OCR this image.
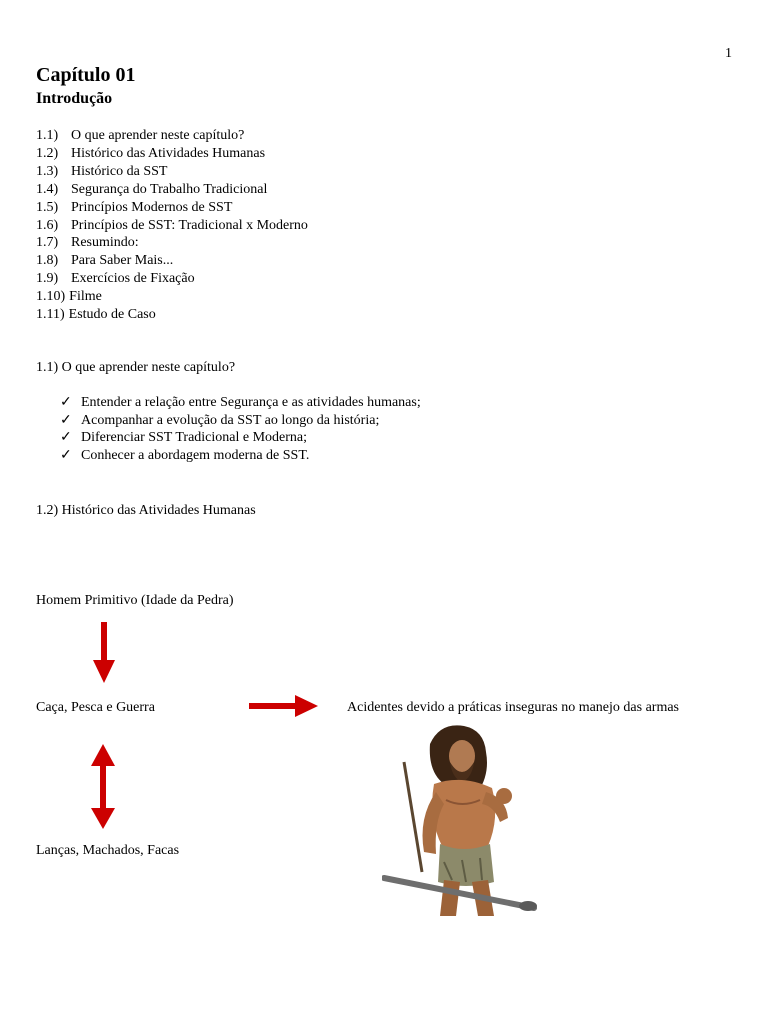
1
Capítulo 01
Introdução
1.1) O que aprender neste capítulo?
1.2) Histórico das Atividades Humanas
1.3) Histórico da SST
1.4) Segurança do Trabalho Tradicional
1.5) Princípios Modernos de SST
1.6) Princípios de SST: Tradicional x Moderno
1.7) Resumindo:
1.8) Para Saber Mais...
1.9) Exercícios de Fixação
1.10) Filme
1.11) Estudo de Caso
1.1) O que aprender neste capítulo?
✓ Entender a relação entre Segurança e as atividades humanas;
✓ Acompanhar a evolução da SST ao longo da história;
✓ Diferenciar SST Tradicional e Moderna;
✓ Conhecer a abordagem moderna de SST.
1.2) Histórico das Atividades Humanas
Homem Primitivo (Idade da Pedra)
Caça, Pesca e Guerra	Acidentes devido a práticas inseguras no manejo das armas
Lanças, Machados, Facas
